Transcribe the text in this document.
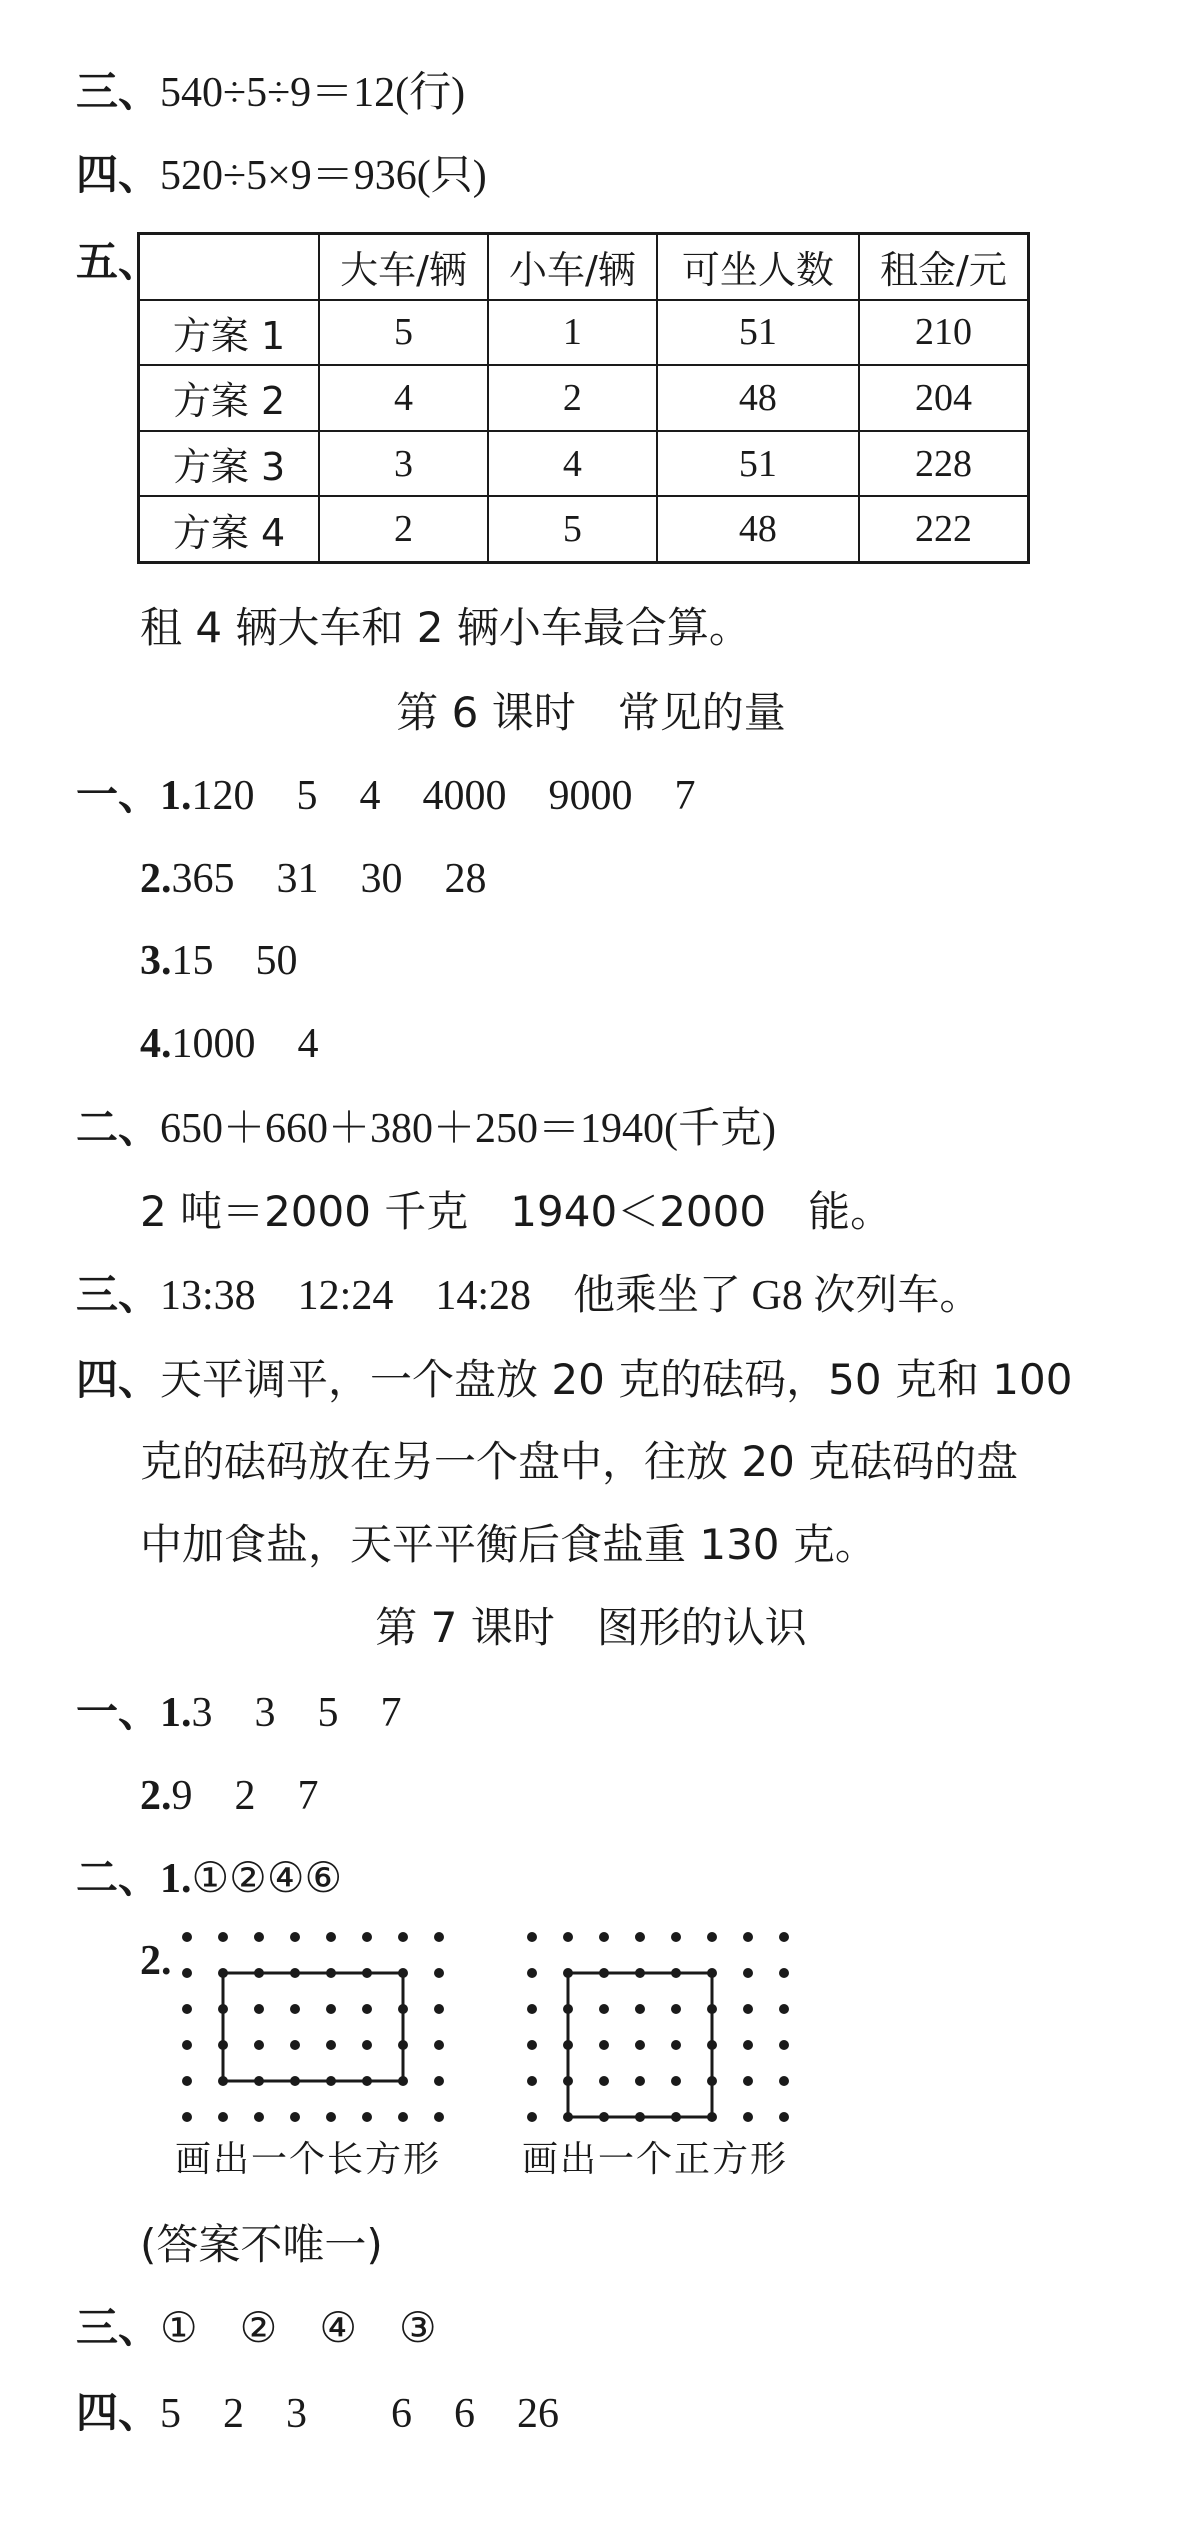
三、540÷5÷9＝12(行)
四、520÷5×9＝936(只)
五、
		大车/辆	小车/辆	可坐人数	租金/元
方案 1	5	1	51	210
方案 2	4	2	48	204
方案 3	3	4	51	228
方案 4	2	5	48	222
租 4 辆大车和 2 辆小车最合算。
第 6 课时　常见的量
一、1.120　5　4　4000　9000　7
2.365　31　30　28
3.15　50
4.1000　4
二、650＋660＋380＋250＝1940(千克)
2 吨＝2000 千克　1940＜2000　能。
三、13:38　12:24　14:28　他乘坐了 G8 次列车。
四、天平调平，一个盘放 20 克的砝码，50 克和 100
克的砝码放在另一个盘中，往放 20 克砝码的盘
中加食盐，天平平衡后食盐重 130 克。
第 7 课时　图形的认识
一、1.3　3　5　7
2.9　2　7
二、1.①②④⑥
2.
画出一个长方形 画出一个正方形
(答案不唯一)
三、①　②　④　③
四、5　2　3　　6　6　26
